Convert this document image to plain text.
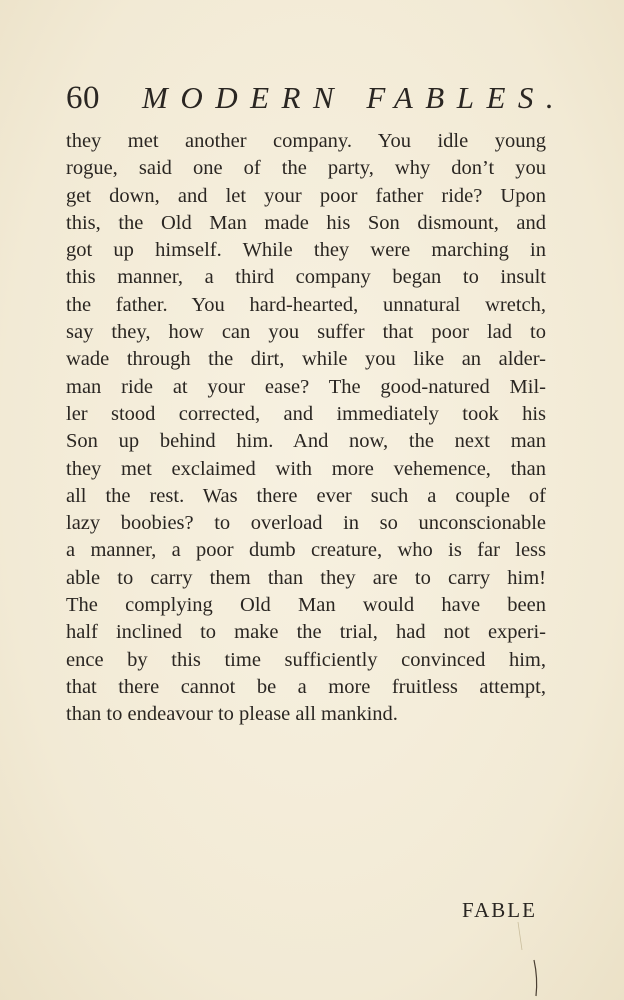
60 MODERN FABLES.
they met another company. You idle young
rogue, said one of the party, why don’t you
get down, and let your poor father ride? Upon
this, the Old Man made his Son dismount, and
got up himself. While they were marching in
this manner, a third company began to insult
the father. You hard-hearted, unnatural wretch,
say they, how can you suffer that poor lad to
wade through the dirt, while you like an alder-
man ride at your ease? The good-natured Mil-
ler stood corrected, and immediately took his
Son up behind him. And now, the next man
they met exclaimed with more vehemence, than
all the rest. Was there ever such a couple of
lazy boobies? to overload in so unconscionable
a manner, a poor dumb creature, who is far less
able to carry them than they are to carry him!
The complying Old Man would have been
half inclined to make the trial, had not experi-
ence by this time sufficiently convinced him,
that there cannot be a more fruitless attempt,
than to endeavour to please all mankind.
FABLE
